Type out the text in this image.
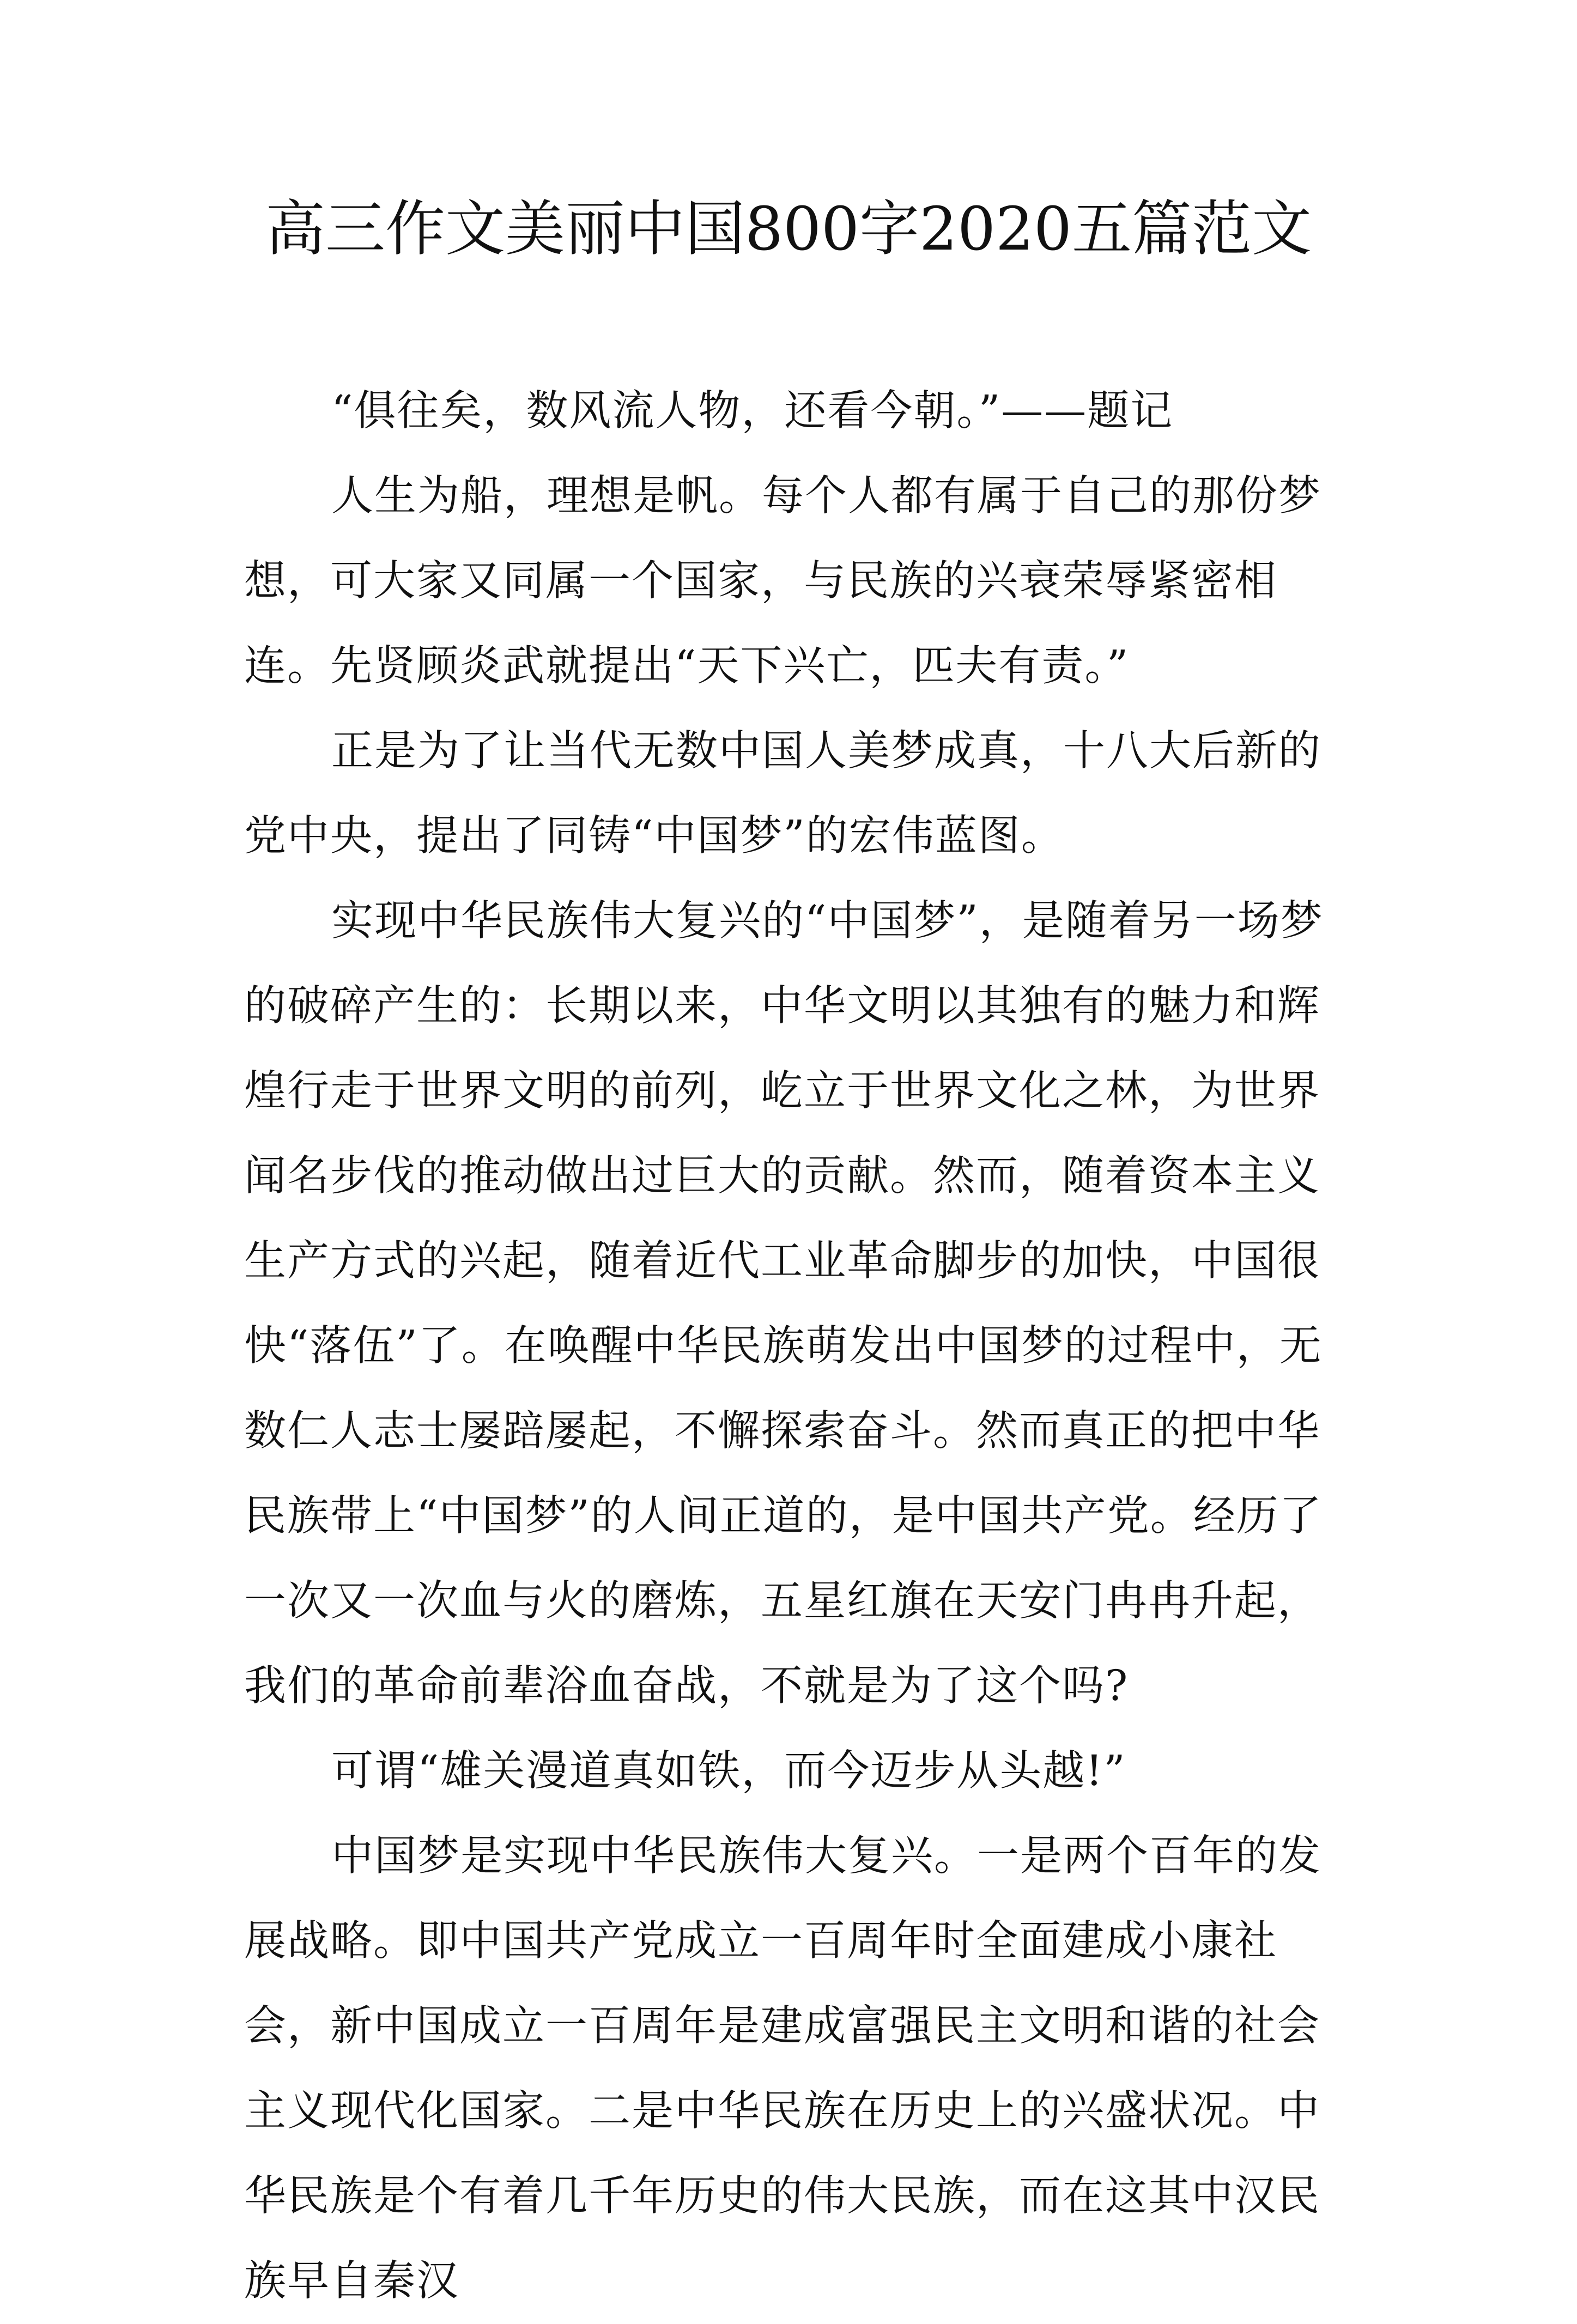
高三作文美丽中国800字2020五篇范文

“俱往矣，数风流人物，还看今朝。”——题记

人生为船，理想是帆。每个人都有属于自己的那份梦想，可大家又同属一个国家，与民族的兴衰荣辱紧密相连。先贤顾炎武就提出“天下兴亡，匹夫有责。”

正是为了让当代无数中国人美梦成真，十八大后新的党中央，提出了同铸“中国梦”的宏伟蓝图。

实现中华民族伟大复兴的“中国梦”，是随着另一场梦的破碎产生的：长期以来，中华文明以其独有的魅力和辉煌行走于世界文明的前列，屹立于世界文化之林，为世界闻名步伐的推动做出过巨大的贡献。然而，随着资本主义生产方式的兴起，随着近代工业革命脚步的加快，中国很快“落伍”了。在唤醒中华民族萌发出中国梦的过程中，无数仁人志士屡踣屡起，不懈探索奋斗。然而真正的把中华民族带上“中国梦”的人间正道的，是中国共产党。经历了一次又一次血与火的磨炼，五星红旗在天安门冉冉升起，我们的革命前辈浴血奋战，不就是为了这个吗?

可谓“雄关漫道真如铁，而今迈步从头越!”

中国梦是实现中华民族伟大复兴。一是两个百年的发展战略。即中国共产党成立一百周年时全面建成小康社会，新中国成立一百周年是建成富强民主文明和谐的社会主义现代化国家。二是中华民族在历史上的兴盛状况。中华民族是个有着几千年历史的伟大民族，而在这其中汉民族早自秦汉
